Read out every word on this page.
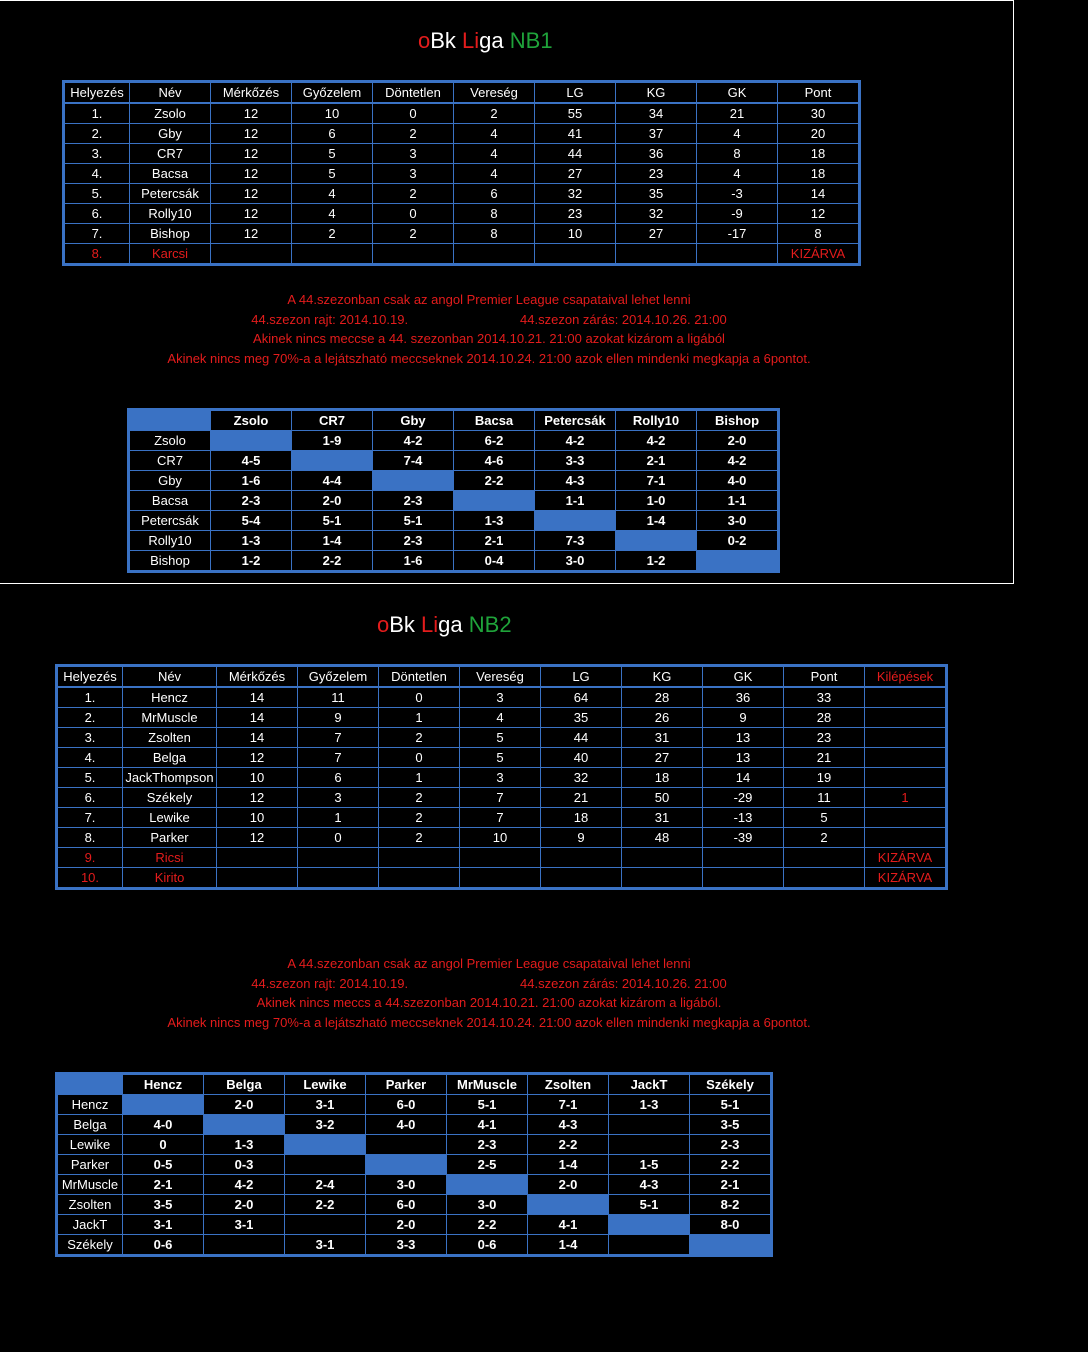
oBk Liga NB1
Helyezés	Név	Mérkőzés	Győzelem	Döntetlen	Vereség	LG	KG	GK	Pont
1.	Zsolo	12	10	0	2	55	34	21	30
2.	Gby	12	6	2	4	41	37	4	20
3.	CR7	12	5	3	4	44	36	8	18
4.	Bacsa	12	5	3	4	27	23	4	18
5.	Petercsák	12	4	2	6	32	35	-3	14
6.	Rolly10	12	4	0	8	23	32	-9	12
7.	Bishop	12	2	2	8	10	27	-17	8
8.	Karcsi								KIZÁRVA
A 44.szezonban csak az angol Premier League csapataival lehet lenni
44.szezon rajt: 2014.10.19.                               44.szezon zárás: 2014.10.26. 21:00
Akinek nincs meccse a 44. szezonban 2014.10.21. 21:00 azokat kizárom a ligából
Akinek nincs meg 70%-a a lejátszható meccseknek 2014.10.24. 21:00 azok ellen mindenki megkapja a 6pontot.
	Zsolo	CR7	Gby	Bacsa	Petercsák	Rolly10	Bishop
Zsolo		1-9	4-2	6-2	4-2	4-2	2-0
CR7	4-5		7-4	4-6	3-3	2-1	4-2
Gby	1-6	4-4		2-2	4-3	7-1	4-0
Bacsa	2-3	2-0	2-3		1-1	1-0	1-1
Petercsák	5-4	5-1	5-1	1-3		1-4	3-0
Rolly10	1-3	1-4	2-3	2-1	7-3		0-2
Bishop	1-2	2-2	1-6	0-4	3-0	1-2	
oBk Liga NB2
Helyezés	Név	Mérkőzés	Győzelem	Döntetlen	Vereség	LG	KG	GK	Pont	Kilépések
1.	Hencz	14	11	0	3	64	28	36	33	
2.	MrMuscle	14	9	1	4	35	26	9	28	
3.	Zsolten	14	7	2	5	44	31	13	23	
4.	Belga	12	7	0	5	40	27	13	21	
5.	JackThompson	10	6	1	3	32	18	14	19	
6.	Székely	12	3	2	7	21	50	-29	11	1
7.	Lewike	10	1	2	7	18	31	-13	5	
8.	Parker	12	0	2	10	9	48	-39	2	
9.	Ricsi									KIZÁRVA
10.	Kirito									KIZÁRVA
A 44.szezonban csak az angol Premier League csapataival lehet lenni
44.szezon rajt: 2014.10.19.                               44.szezon zárás: 2014.10.26. 21:00
Akinek nincs meccs a 44.szezonban 2014.10.21. 21:00 azokat kizárom a ligából.
Akinek nincs meg 70%-a a lejátszható meccseknek 2014.10.24. 21:00 azok ellen mindenki megkapja a 6pontot.
	Hencz	Belga	Lewike	Parker	MrMuscle	Zsolten	JackT	Székely
Hencz		2-0	3-1	6-0	5-1	7-1	1-3	5-1
Belga	4-0		3-2	4-0	4-1	4-3		3-5
Lewike	0	1-3			2-3	2-2		2-3
Parker	0-5	0-3			2-5	1-4	1-5	2-2
MrMuscle	2-1	4-2	2-4	3-0		2-0	4-3	2-1
Zsolten	3-5	2-0	2-2	6-0	3-0		5-1	8-2
JackT	3-1	3-1		2-0	2-2	4-1		8-0
Székely	0-6		3-1	3-3	0-6	1-4		
